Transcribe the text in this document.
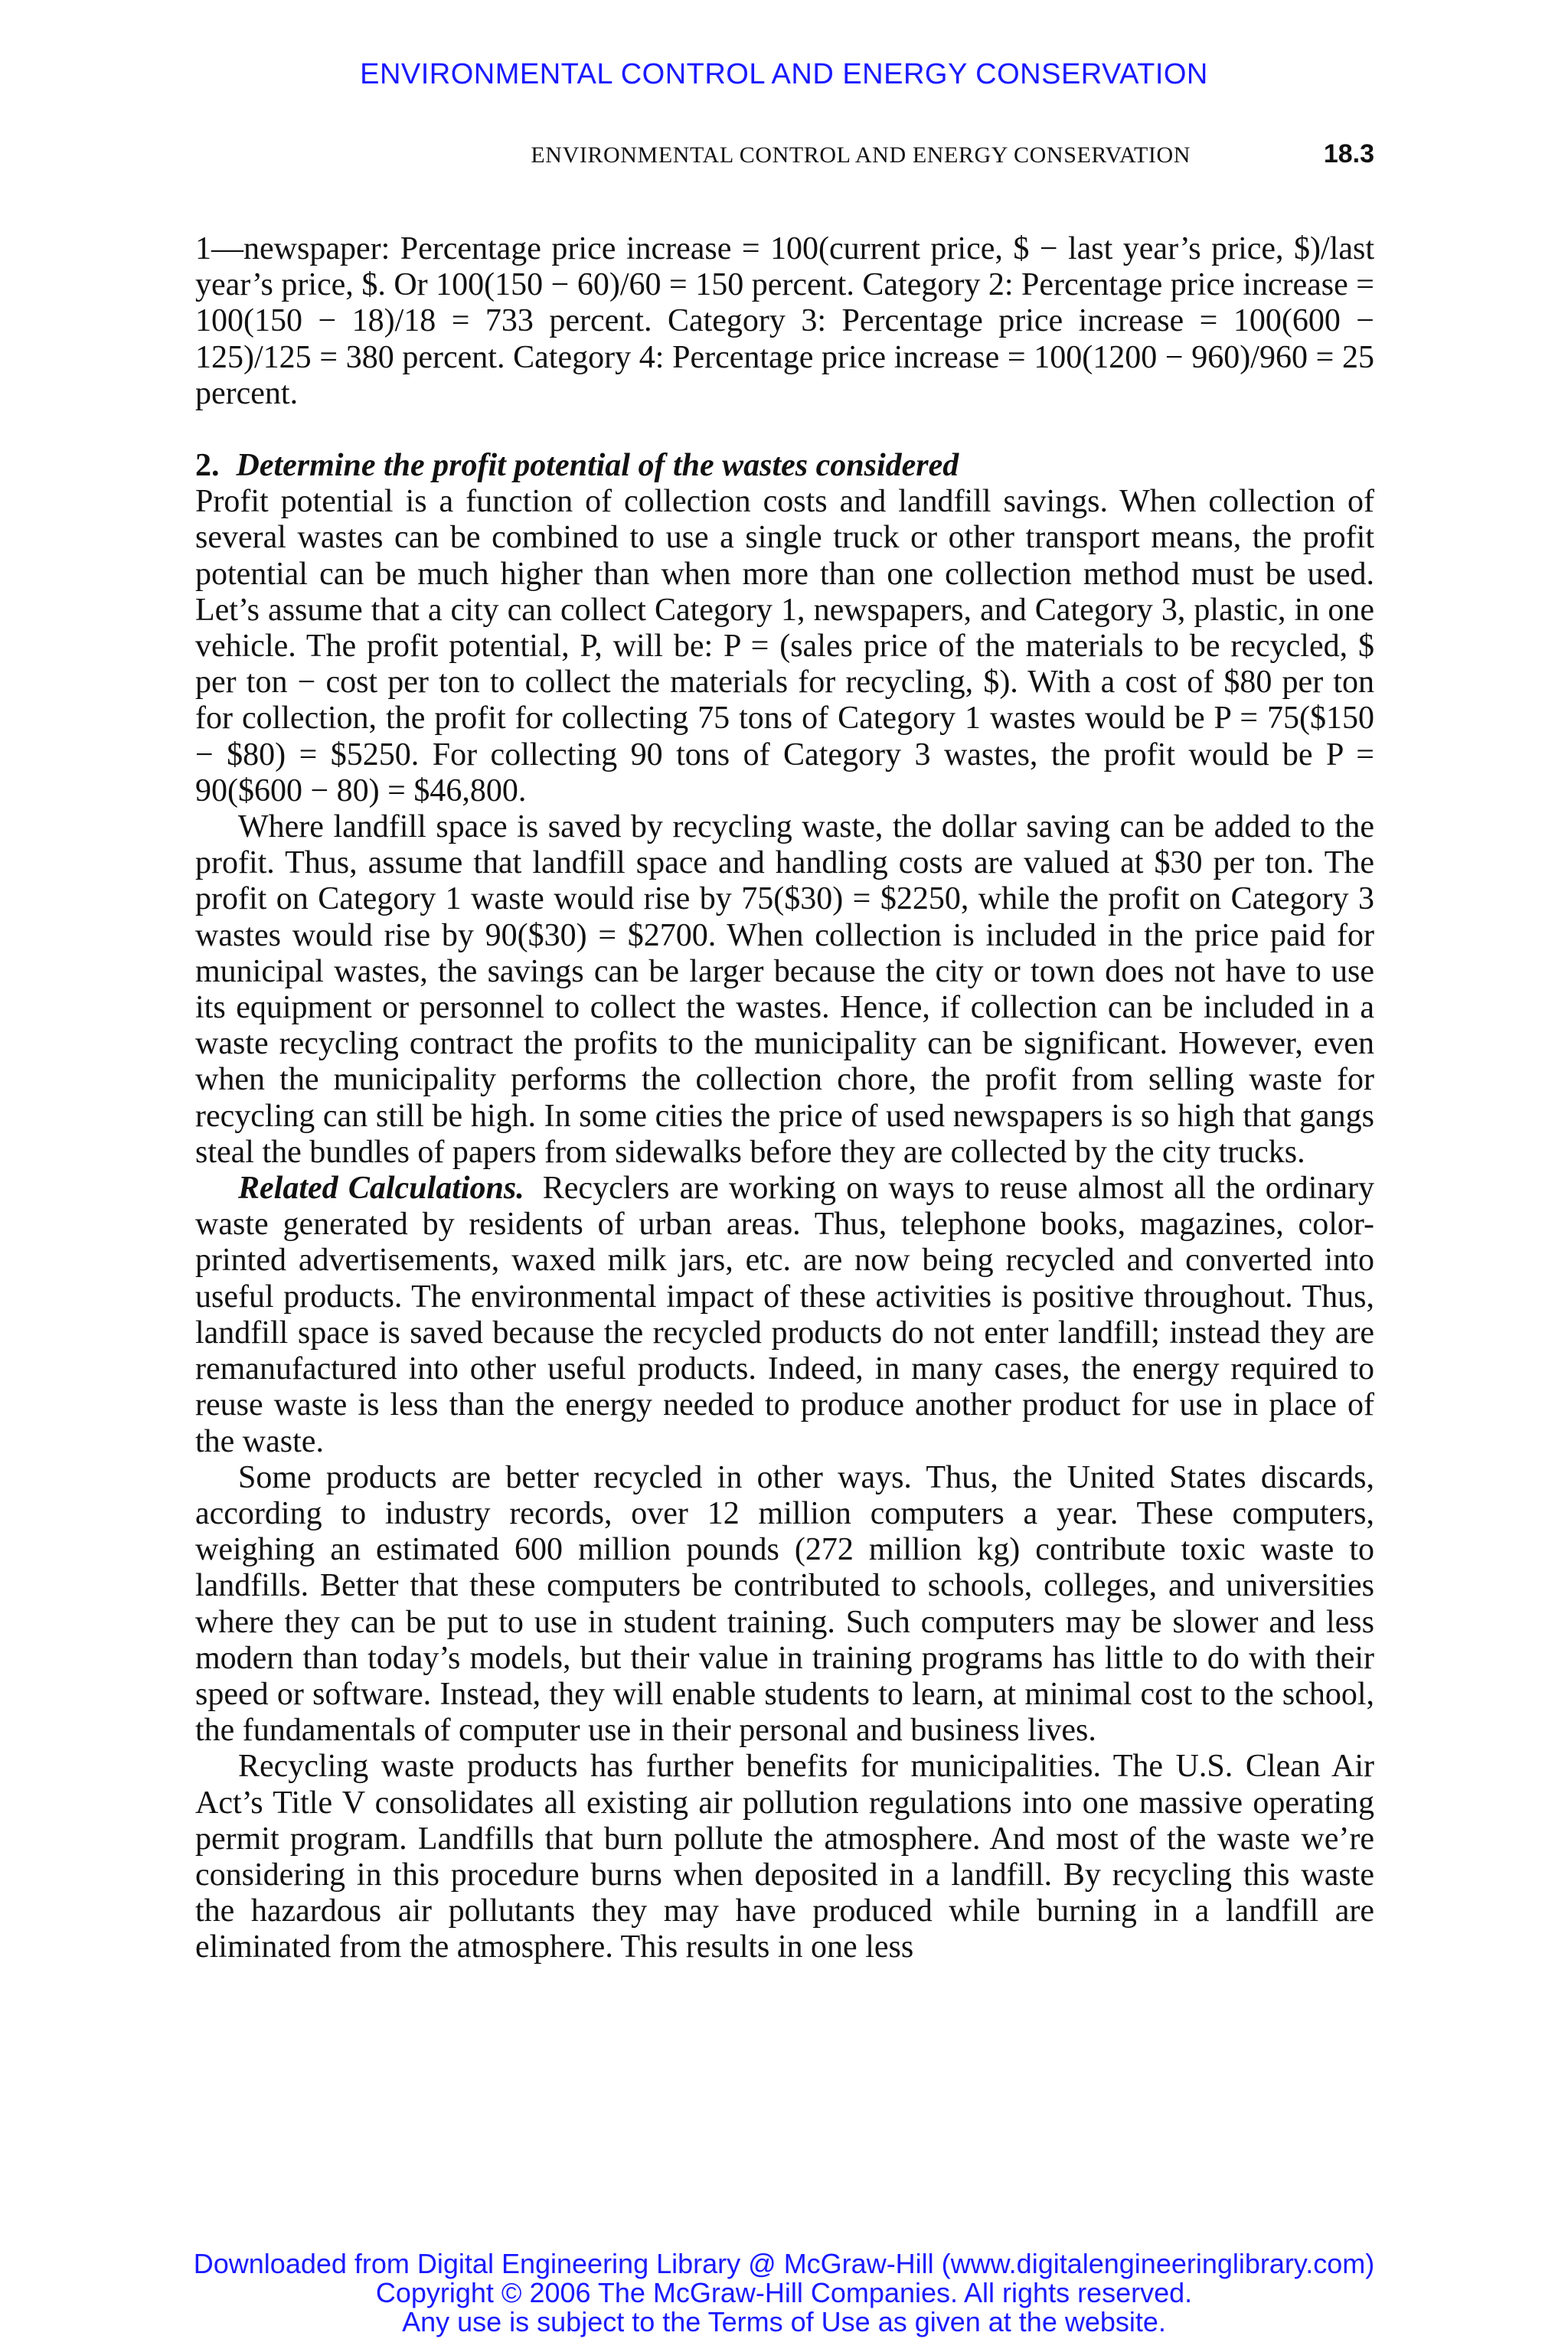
ENVIRONMENTAL CONTROL AND ENERGY CONSERVATION
ENVIRONMENTAL CONTROL AND ENERGY CONSERVATION	18.3

1—newspaper: Percentage price increase = 100(current price, $ − last year’s price, $)/last year’s price, $. Or 100(150 − 60)/60 = 150 percent. Category 2: Percentage price increase = 100(150 − 18)/18 = 733 percent. Category 3: Percentage price increase = 100(600 − 125)/125 = 380 percent. Category 4: Percentage price increase = 100(1200 − 960)/960 = 25 percent.

2. Determine the profit potential of the wastes considered

Profit potential is a function of collection costs and landfill savings. When collection of several wastes can be combined to use a single truck or other transport means, the profit potential can be much higher than when more than one collection method must be used. Let’s assume that a city can collect Category 1, newspapers, and Category 3, plastic, in one vehicle. The profit potential, P, will be: P = (sales price of the materials to be recycled, $ per ton − cost per ton to collect the materials for recycling, $). With a cost of $80 per ton for collection, the profit for collecting 75 tons of Category 1 wastes would be P = 75($150 − $80) = $5250. For collecting 90 tons of Category 3 wastes, the profit would be P = 90($600 − 80) = $46,800.

Where landfill space is saved by recycling waste, the dollar saving can be added to the profit. Thus, assume that landfill space and handling costs are valued at $30 per ton. The profit on Category 1 waste would rise by 75($30) = $2250, while the profit on Category 3 wastes would rise by 90($30) = $2700. When collection is included in the price paid for municipal wastes, the savings can be larger because the city or town does not have to use its equipment or personnel to collect the wastes. Hence, if collection can be included in a waste recycling contract the profits to the municipality can be significant. However, even when the municipality performs the collection chore, the profit from selling waste for recycling can still be high. In some cities the price of used newspapers is so high that gangs steal the bundles of papers from sidewalks before they are collected by the city trucks.

Related Calculations. Recyclers are working on ways to reuse almost all the ordinary waste generated by residents of urban areas. Thus, telephone books, magazines, color-printed advertisements, waxed milk jars, etc. are now being recycled and converted into useful products. The environmental impact of these activities is positive throughout. Thus, landfill space is saved because the recycled products do not enter landfill; instead they are remanufactured into other useful products. Indeed, in many cases, the energy required to reuse waste is less than the energy needed to produce another product for use in place of the waste.

Some products are better recycled in other ways. Thus, the United States discards, according to industry records, over 12 million computers a year. These computers, weighing an estimated 600 million pounds (272 million kg) contribute toxic waste to landfills. Better that these computers be contributed to schools, colleges, and universities where they can be put to use in student training. Such computers may be slower and less modern than today’s models, but their value in training programs has little to do with their speed or software. Instead, they will enable students to learn, at minimal cost to the school, the fundamentals of computer use in their personal and business lives.

Recycling waste products has further benefits for municipalities. The U.S. Clean Air Act’s Title V consolidates all existing air pollution regulations into one massive operating permit program. Landfills that burn pollute the atmosphere. And most of the waste we’re considering in this procedure burns when deposited in a landfill. By recycling this waste the hazardous air pollutants they may have produced while burning in a landfill are eliminated from the atmosphere. This results in one less

Downloaded from Digital Engineering Library @ McGraw-Hill (www.digitalengineeringlibrary.com)
Copyright © 2006 The McGraw-Hill Companies. All rights reserved.
Any use is subject to the Terms of Use as given at the website.
